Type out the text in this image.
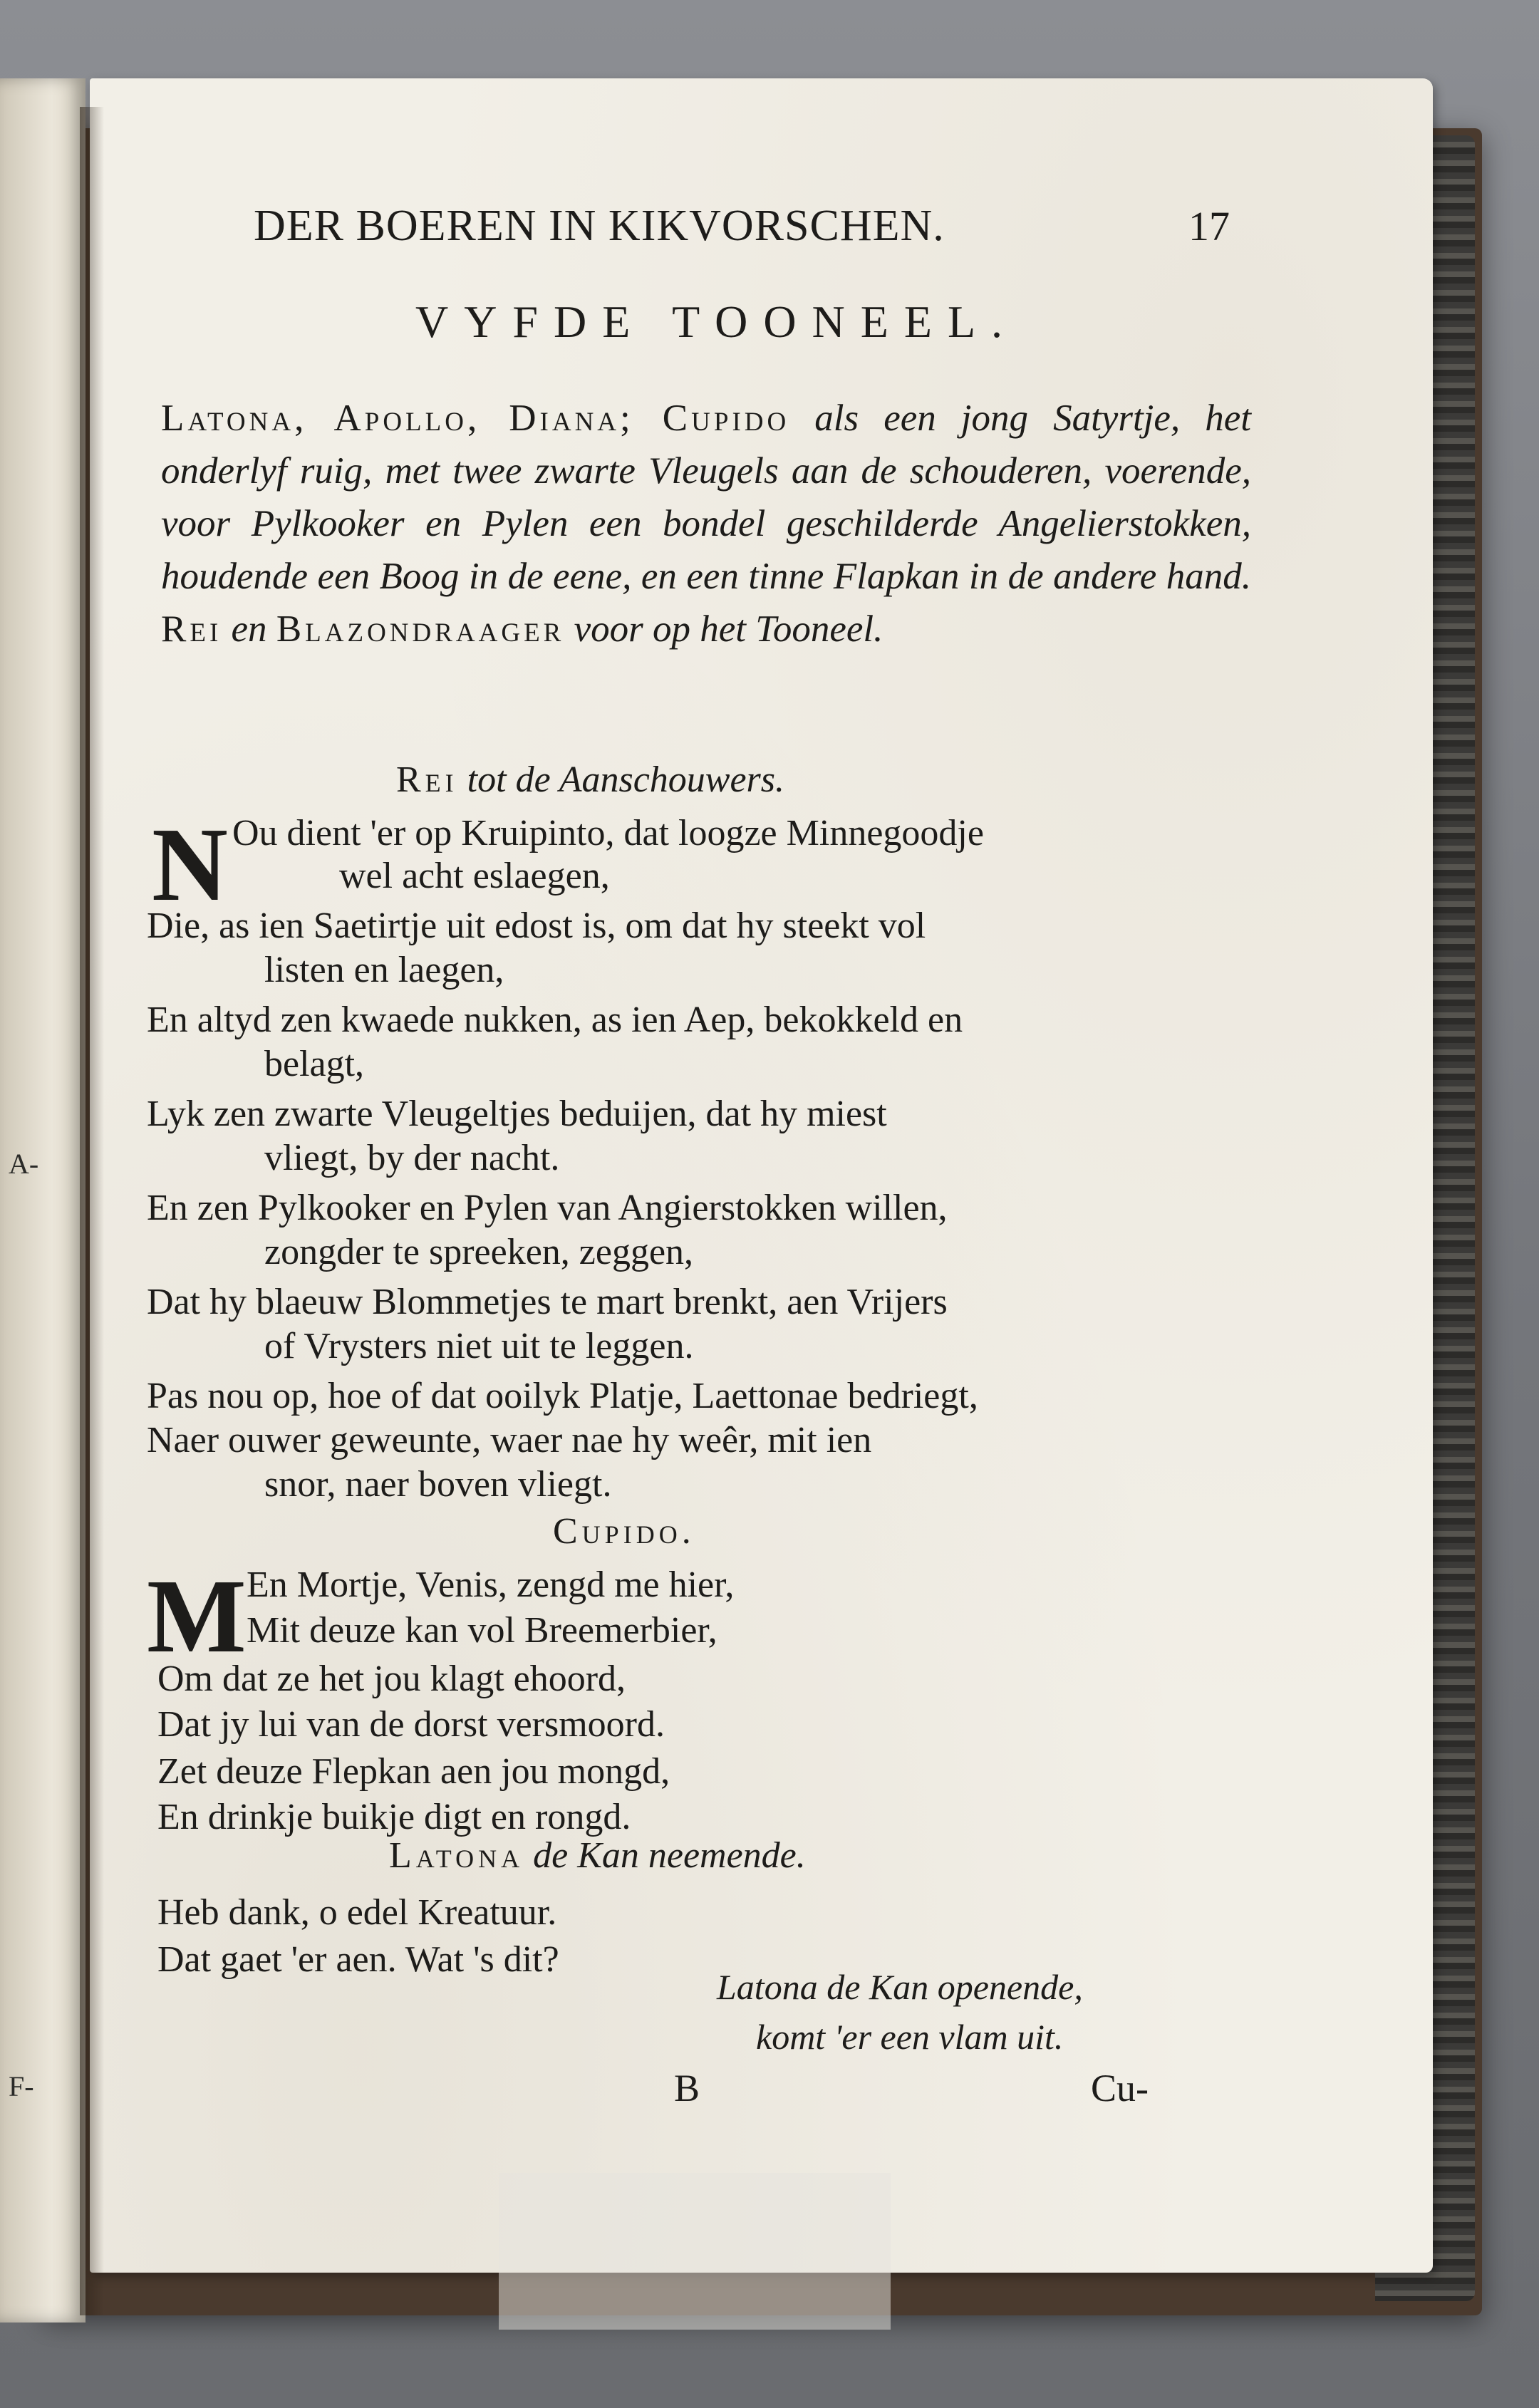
A-
F-
DER BOEREN IN KIKVORSCHEN.	17
VYFDE TOONEEL.
Latona, Apollo, Diana; Cupido als een jong Satyrtje, het onderlyf ruig, met twee zwarte Vleugels aan de schouderen, voerende, voor Pylkooker en Pylen een bondel geschilderde Angelierstokken, houdende een Boog in de eene, en een tinne Flapkan in de andere hand. Rei en Blazondraager voor op het Tooneel.
Rei tot de Aanschouwers.
N Ou dient 'er op Kruipinto, dat loogze Minnegoodje
wel acht eslaegen,
Die, as ien Saetirtje uit edost is, om dat hy steekt vol
listen en laegen,
En altyd zen kwaede nukken, as ien Aep, bekokkeld en
belagt,
Lyk zen zwarte Vleugeltjes beduijen, dat hy miest
vliegt, by der nacht.
En zen Pylkooker en Pylen van Angierstokken willen,
zongder te spreeken, zeggen,
Dat hy blaeuw Blommetjes te mart brenkt, aen Vrijers
of Vrysters niet uit te leggen.
Pas nou op, hoe of dat ooilyk Platje, Laettonae bedriegt,
Naer ouwer geweunte, waer nae hy weêr, mit ien
snor, naer boven vliegt.
Cupido.
M En Mortje, Venis, zengd me hier,
Mit deuze kan vol Breemerbier,
Om dat ze het jou klagt ehoord,
Dat jy lui van de dorst versmoord.
Zet deuze Flepkan aen jou mongd,
En drinkje buikje digt en rongd.
Latona de Kan neemende.
Heb dank, o edel Kreatuur.
Dat gaet 'er aen. Wat 's dit?
Latona de Kan openende,
komt 'er een vlam uit.
B	Cu-
